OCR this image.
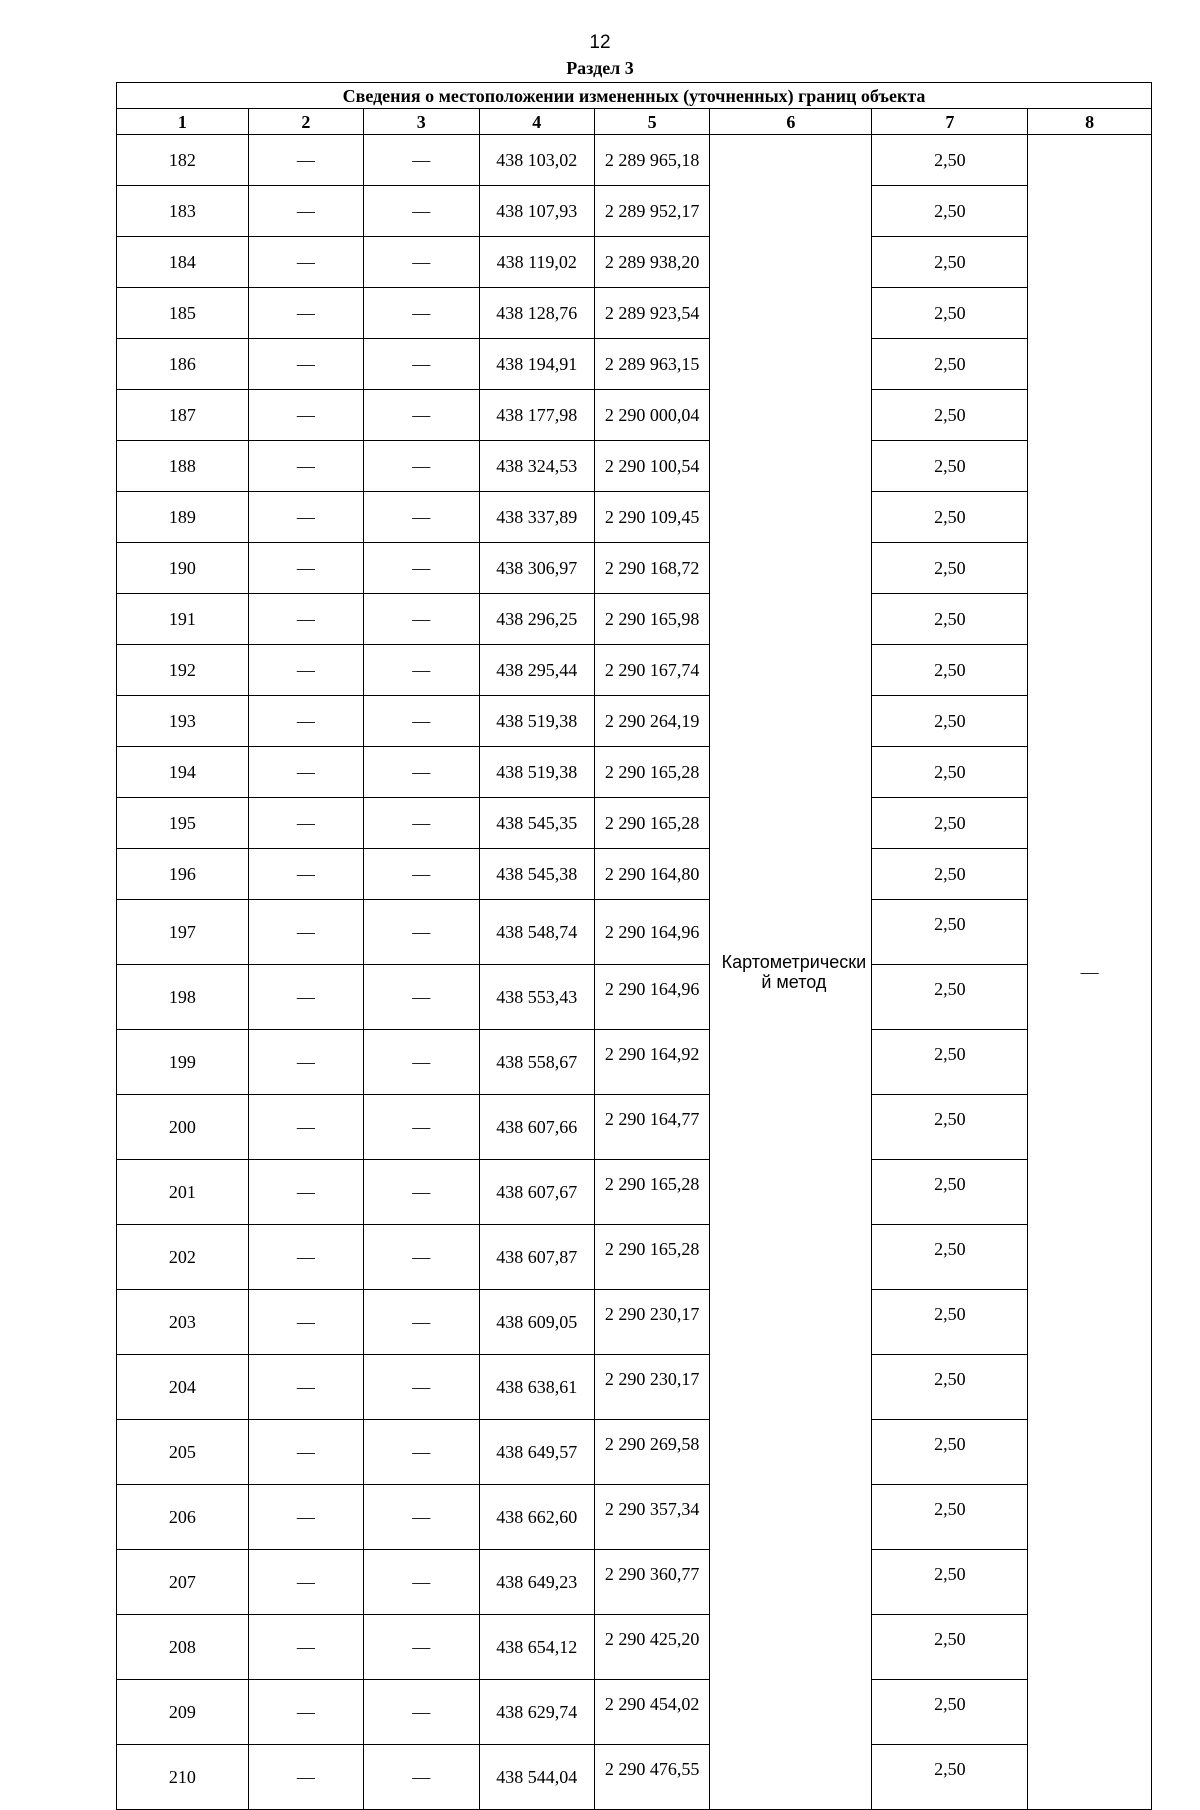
12
Раздел 3
Сведения о местоположении измененных (уточненных) границ объекта							
1	2	3	4	5	6	7	8
182	—	—	438 103,02	2 289 965,18	Картометрический метод	2,50	—
183	—	—	438 107,93	2 289 952,17		2,50	
184	—	—	438 119,02	2 289 938,20		2,50	
185	—	—	438 128,76	2 289 923,54		2,50	
186	—	—	438 194,91	2 289 963,15		2,50	
187	—	—	438 177,98	2 290 000,04		2,50	
188	—	—	438 324,53	2 290 100,54		2,50	
189	—	—	438 337,89	2 290 109,45		2,50	
190	—	—	438 306,97	2 290 168,72		2,50	
191	—	—	438 296,25	2 290 165,98		2,50	
192	—	—	438 295,44	2 290 167,74		2,50	
193	—	—	438 519,38	2 290 264,19		2,50	
194	—	—	438 519,38	2 290 165,28		2,50	
195	—	—	438 545,35	2 290 165,28		2,50	
196	—	—	438 545,38	2 290 164,80		2,50	
197	—	—	438 548,74	2 290 164,96		2,50	
198	—	—	438 553,43	2 290 164,96		2,50	
199	—	—	438 558,67	2 290 164,92		2,50	
200	—	—	438 607,66	2 290 164,77		2,50	
201	—	—	438 607,67	2 290 165,28		2,50	
202	—	—	438 607,87	2 290 165,28		2,50	
203	—	—	438 609,05	2 290 230,17		2,50	
204	—	—	438 638,61	2 290 230,17		2,50	
205	—	—	438 649,57	2 290 269,58		2,50	
206	—	—	438 662,60	2 290 357,34		2,50	
207	—	—	438 649,23	2 290 360,77		2,50	
208	—	—	438 654,12	2 290 425,20		2,50	
209	—	—	438 629,74	2 290 454,02		2,50	
210	—	—	438 544,04	2 290 476,55		2,50	
